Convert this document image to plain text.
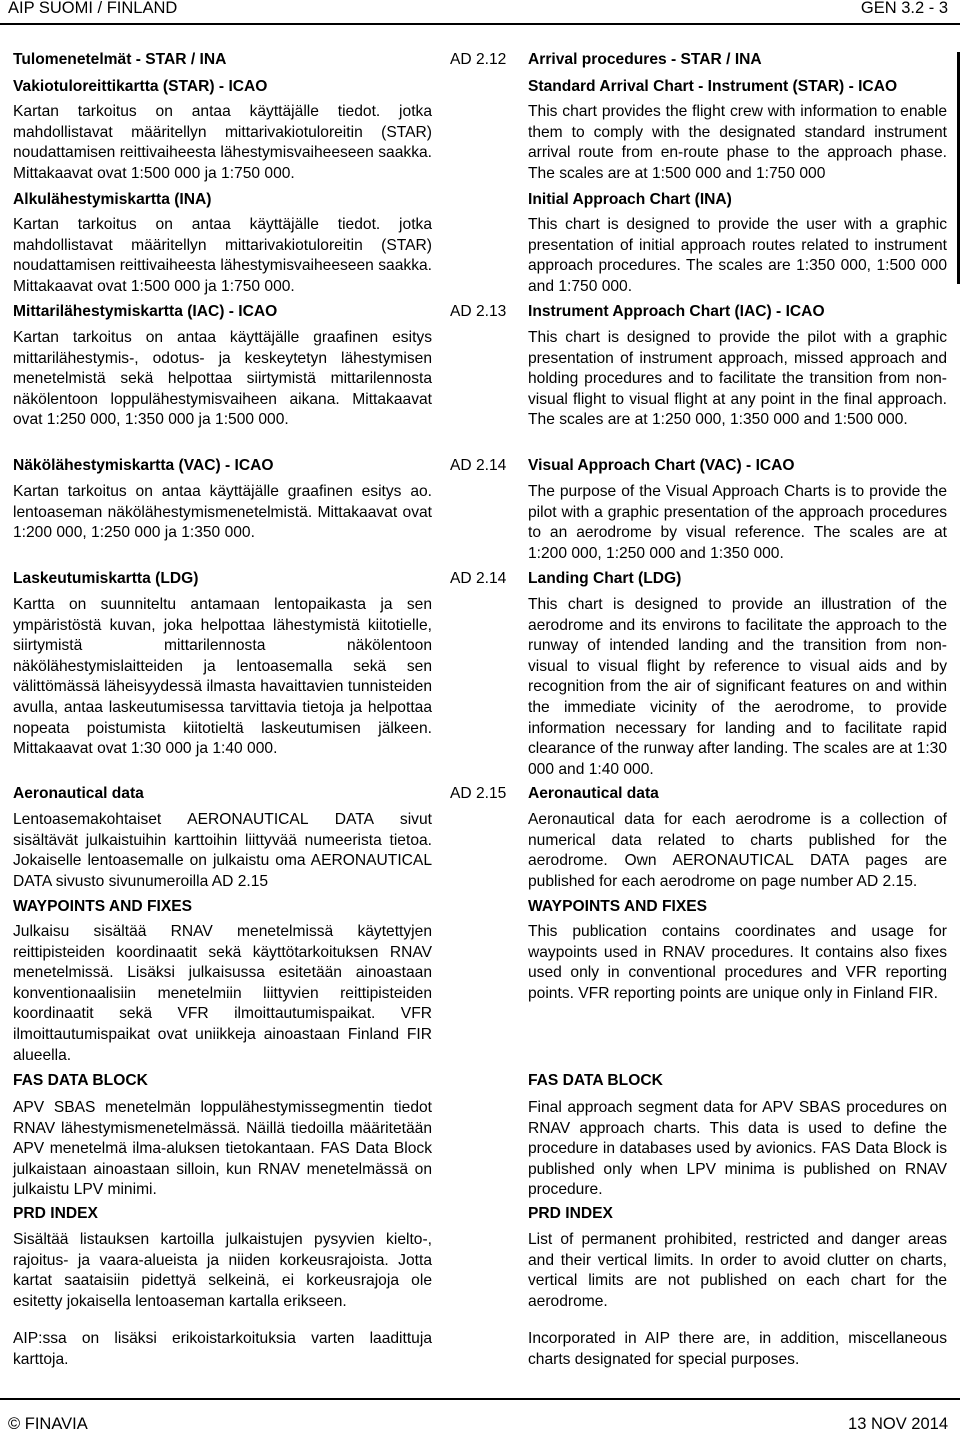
AIP SUOMI / FINLAND	GEN 3.2 - 3
Tulomenetelmät - STAR / INA	AD 2.12	Arrival procedures - STAR / INA
Vakiotuloreittikartta (STAR) - ICAO	Standard Arrival Chart - Instrument (STAR) - ICAO
Kartan tarkoitus on antaa käyttäjälle tiedot. jotka mahdollistavat määritellyn mittarivakiotuloreitin (STAR) noudattamisen reittivaiheesta lähestymisvaiheeseen saakka. Mittakaavat ovat 1:500 000 ja 1:750 000.
This chart provides the flight crew with information to enable them to comply with the designated standard instrument arrival route from en-route phase to the approach phase. The scales are at 1:500 000 and 1:750 000
Alkulähestymiskartta (INA)	Initial Approach Chart (INA)
Kartan tarkoitus on antaa käyttäjälle tiedot. jotka mahdollistavat määritellyn mittarivakiotuloreitin (STAR) noudattamisen reittivaiheesta lähestymisvaiheeseen saakka. Mittakaavat ovat 1:500 000 ja 1:750 000.
This chart is designed to provide the user with a graphic presentation of initial approach routes related to instrument approach procedures. The scales are 1:350 000, 1:500 000 and 1:750 000.
Mittarilähestymiskartta (IAC) - ICAO	AD 2.13	Instrument Approach Chart (IAC) - ICAO
Kartan tarkoitus on antaa käyttäjälle graafinen esitys mittarilähestymis-, odotus- ja keskeytetyn lähestymisen menetelmistä sekä helpottaa siirtymistä mittarilennosta näkölentoon loppulähestymisvaiheen aikana. Mittakaavat ovat 1:250 000, 1:350 000 ja 1:500 000.
This chart is designed to provide the pilot with a graphic presentation of instrument approach, missed approach and holding procedures and to facilitate the transition from non-visual flight to visual flight at any point in the final approach. The scales are at 1:250 000, 1:350 000 and 1:500 000.
Näkölähestymiskartta (VAC) - ICAO	AD 2.14	Visual Approach Chart (VAC) - ICAO
Kartan tarkoitus on antaa käyttäjälle graafinen esitys ao. lentoaseman näkölähestymismenetelmistä. Mittakaavat ovat 1:200 000, 1:250 000 ja 1:350 000.
The purpose of the Visual Approach Charts is to provide the pilot with a graphic presentation of the approach procedures to an aerodrome by visual reference. The scales are at 1:200 000, 1:250 000 and 1:350 000.
Laskeutumiskartta (LDG)	AD 2.14	Landing Chart (LDG)
Kartta on suunniteltu antamaan lentopaikasta ja sen ympäristöstä kuvan, joka helpottaa lähestymistä kiitotielle, siirtymistä mittarilennosta näkölentoon näkölähestymislaitteiden ja lentoasemalla sekä sen välittömässä läheisyydessä ilmasta havaittavien tunnisteiden avulla, antaa laskeutumisessa tarvittavia tietoja ja helpottaa nopeata poistumista kiitotieltä laskeutumisen jälkeen. Mittakaavat ovat 1:30 000 ja 1:40 000.
This chart is designed to provide an illustration of the aerodrome and its environs to facilitate the approach to the runway of intended landing and the transition from non-visual to visual flight by reference to visual aids and by recognition from the air of significant features on and within the immediate vicinity of the aerodrome, to provide information necessary for landing and to facilitate rapid clearance of the runway after landing. The scales are at 1:30 000 and 1:40 000.
Aeronautical data	AD 2.15	Aeronautical data
Lentoasemakohtaiset AERONAUTICAL DATA sivut sisältävät julkaistuihin karttoihin liittyvää numeerista tietoa. Jokaiselle lentoasemalle on julkaistu oma AERONAUTICAL DATA sivusto sivunumeroilla AD 2.15
Aeronautical data for each aerodrome is a collection of numerical data related to charts published for the aerodrome. Own AERONAUTICAL DATA pages are published for each aerodrome on page number AD 2.15.
WAYPOINTS AND FIXES	WAYPOINTS AND FIXES
Julkaisu sisältää RNAV menetelmissä käytettyjen reittipisteiden koordinaatit sekä käyttötarkoituksen RNAV menetelmissä. Lisäksi julkaisussa esitetään ainoastaan konventionaalisiin menetelmiin liittyvien reittipisteiden koordinaatit sekä VFR ilmoittautumispaikat. VFR ilmoittautumispaikat ovat uniikkeja ainoastaan Finland FIR alueella.
This publication contains coordinates and usage for waypoints used in RNAV procedures. It contains also fixes used only in conventional procedures and VFR reporting points. VFR reporting points are unique only in Finland FIR.
FAS DATA BLOCK	FAS DATA BLOCK
APV SBAS menetelmän loppulähestymissegmentin tiedot RNAV lähestymismenetelmässä. Näillä tiedoilla määritetään APV menetelmä ilma-aluksen tietokantaan. FAS Data Block julkaistaan ainoastaan silloin, kun RNAV menetelmässä on julkaistu LPV minimi.
Final approach segment data for APV SBAS procedures on RNAV approach charts. This data is used to define the procedure in databases used by avionics. FAS Data Block is published only when LPV minima is published on RNAV procedure.
PRD INDEX	PRD INDEX
Sisältää listauksen kartoilla julkaistujen pysyvien kielto-, rajoitus- ja vaara-alueista ja niiden korkeusrajoista. Jotta kartat saataisiin pidettyä selkeinä, ei korkeusrajoja ole esitetty jokaisella lentoaseman kartalla erikseen.
List of permanent prohibited, restricted and danger areas and their vertical limits. In order to avoid clutter on charts, vertical limits are not published on each chart for the aerodrome.
AIP:ssa on lisäksi erikoistarkoituksia varten laadittuja karttoja.
Incorporated in AIP there are, in addition, miscellaneous charts designated for special purposes.
© FINAVIA	13 NOV 2014
